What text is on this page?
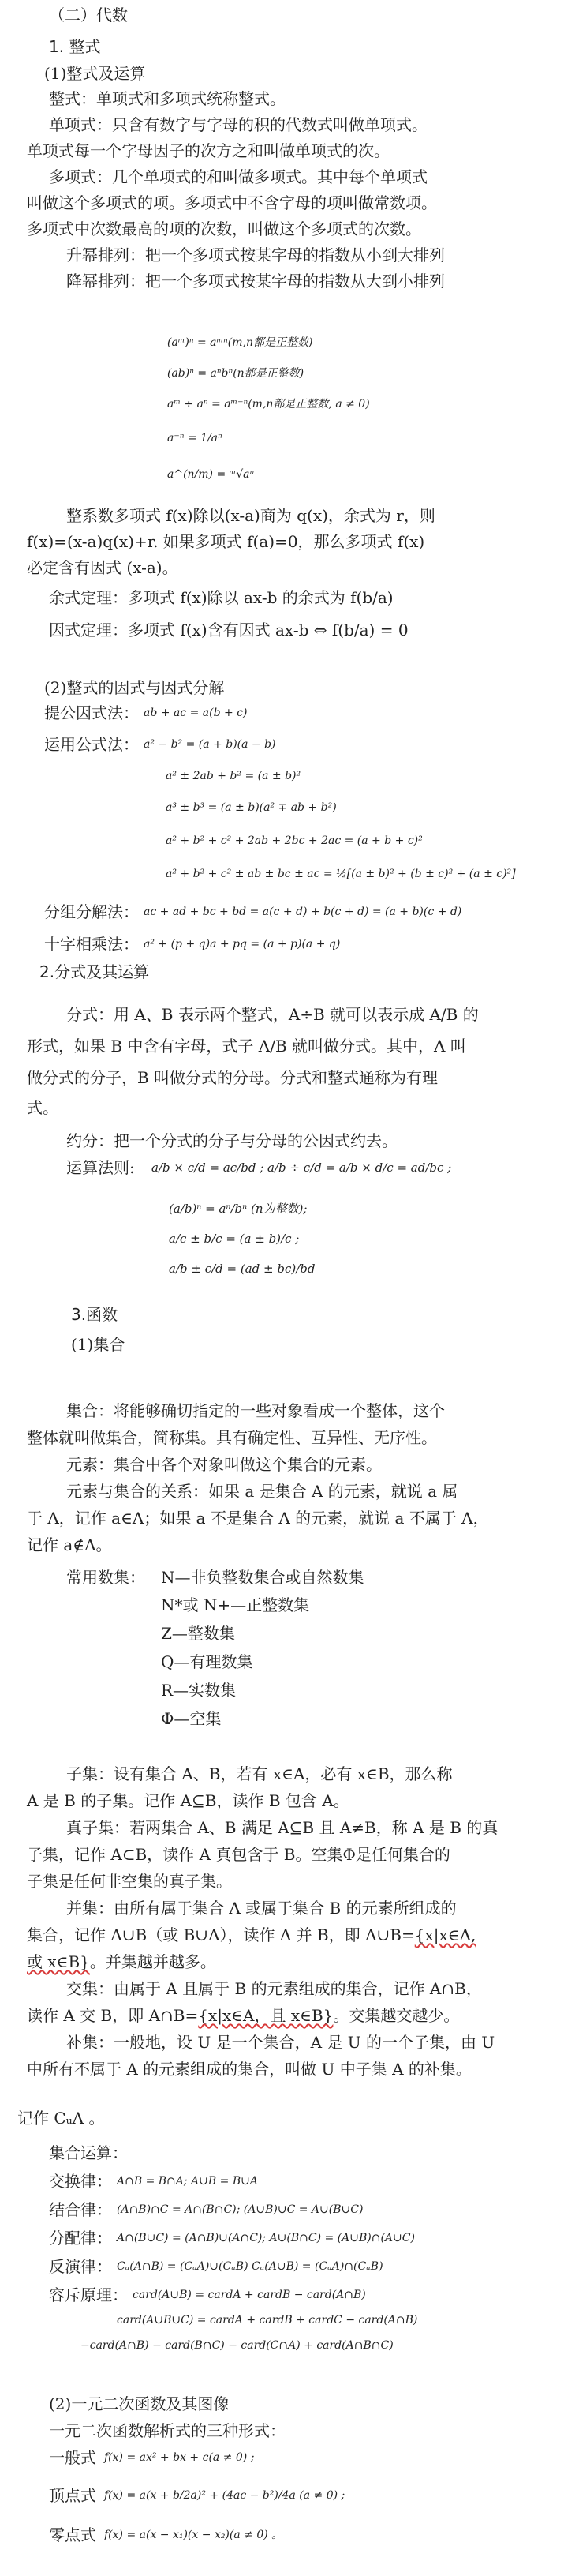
（二）代数
1. 整式
(1)整式及运算
整式：单项式和多项式统称整式。
单项式：只含有数字与字母的积的代数式叫做单项式。
单项式每一个字母因子的次方之和叫做单项式的次。
多项式：几个单项式的和叫做多项式。其中每个单项式
叫做这个多项式的项。多项式中不含字母的项叫做常数项。
多项式中次数最高的项的次数，叫做这个多项式的次数。
升幂排列：把一个多项式按某字母的指数从小到大排列
降幂排列：把一个多项式按某字母的指数从大到小排列
(aᵐ)ⁿ = aᵐⁿ(m,n都是正整数)
(ab)ⁿ = aⁿbⁿ(n都是正整数)
aᵐ ÷ aⁿ = aᵐ⁻ⁿ(m,n都是正整数, a ≠ 0)
a⁻ⁿ = 1/aⁿ
a^(n/m) = ᵐ√aⁿ
整系数多项式 f(x)除以(x-a)商为 q(x)，余式为 r，则
f(x)=(x-a)q(x)+r. 如果多项式 f(a)=0，那么多项式 f(x)
必定含有因式 (x-a)。
余式定理：多项式 f(x)除以 ax-b 的余式为 f(b/a)
因式定理：多项式 f(x)含有因式 ax-b ⇔ f(b/a) = 0
(2)整式的因式与因式分解
提公因式法： ab + ac = a(b + c)
运用公式法： a² − b² = (a + b)(a − b)
a² ± 2ab + b² = (a ± b)²
a³ ± b³ = (a ± b)(a² ∓ ab + b²)
a² + b² + c² + 2ab + 2bc + 2ac = (a + b + c)²
a² + b² + c² ± ab ± bc ± ac = ½[(a ± b)² + (b ± c)² + (a ± c)²]
分组分解法： ac + ad + bc + bd = a(c + d) + b(c + d) = (a + b)(c + d)
十字相乘法： a² + (p + q)a + pq = (a + p)(a + q)
2.分式及其运算
分式：用 A、B 表示两个整式，A÷B 就可以表示成 A/B 的
形式，如果 B 中含有字母，式子 A/B 就叫做分式。其中，A 叫
做分式的分子，B 叫做分式的分母。分式和整式通称为有理
式。
约分：把一个分式的分子与分母的公因式约去。
运算法则: a/b × c/d = ac/bd ; a/b ÷ c/d = a/b × d/c = ad/bc ;
(a/b)ⁿ = aⁿ/bⁿ (n为整数);
a/c ± b/c = (a ± b)/c ;
a/b ± c/d = (ad ± bc)/bd
3.函数
(1)集合
集合：将能够确切指定的一些对象看成一个整体，这个
整体就叫做集合，简称集。具有确定性、互异性、无序性。
元素：集合中各个对象叫做这个集合的元素。
元素与集合的关系：如果 a 是集合 A 的元素，就说 a 属
于 A，记作 a∈A；如果 a 不是集合 A 的元素，就说 a 不属于 A，
记作 a∉A。
常用数集： N—非负整数集合或自然数集
N*或 N+—正整数集
Z—整数集
Q—有理数集
R—实数集
Φ—空集
子集：设有集合 A、B，若有 x∈A，必有 x∈B，那么称
A 是 B 的子集。记作 A⊆B，读作 B 包含 A。
真子集：若两集合 A、B 满足 A⊆B 且 A≠B，称 A 是 B 的真
子集，记作 A⊂B，读作 A 真包含于 B。空集Φ是任何集合的
子集是任何非空集的真子集。
并集：由所有属于集合 A 或属于集合 B 的元素所组成的
集合，记作 A∪B（或 B∪A），读作 A 并 B，即 A∪B={x|x∈A,
或 x∈B}。并集越并越多。
交集：由属于 A 且属于 B 的元素组成的集合，记作 A∩B，
读作 A 交 B，即 A∩B={x|x∈A，且 x∈B}。交集越交越少。
补集：一般地，设 U 是一个集合，A 是 U 的一个子集，由 U
中所有不属于 A 的元素组成的集合，叫做 U 中子集 A 的补集。
记作 CᵤA 。
集合运算：
交换律： A∩B = B∩A; A∪B = B∪A
结合律： (A∩B)∩C = A∩(B∩C); (A∪B)∪C = A∪(B∪C)
分配律： A∩(B∪C) = (A∩B)∪(A∩C); A∪(B∩C) = (A∪B)∩(A∪C)
反演律： Cᵤ(A∩B) = (CᵤA)∪(CᵤB) Cᵤ(A∪B) = (CᵤA)∩(CᵤB)
容斥原理： card(A∪B) = cardA + cardB − card(A∩B)
card(A∪B∪C) = cardA + cardB + cardC − card(A∩B)
−card(A∩B) − card(B∩C) − card(C∩A) + card(A∩B∩C)
(2)一元二次函数及其图像
一元二次函数解析式的三种形式：
一般式 f(x) = ax² + bx + c(a ≠ 0) ;
顶点式 f(x) = a(x + b/2a)² + (4ac − b²)/4a (a ≠ 0) ;
零点式 f(x) = a(x − x₁)(x − x₂)(a ≠ 0) 。
